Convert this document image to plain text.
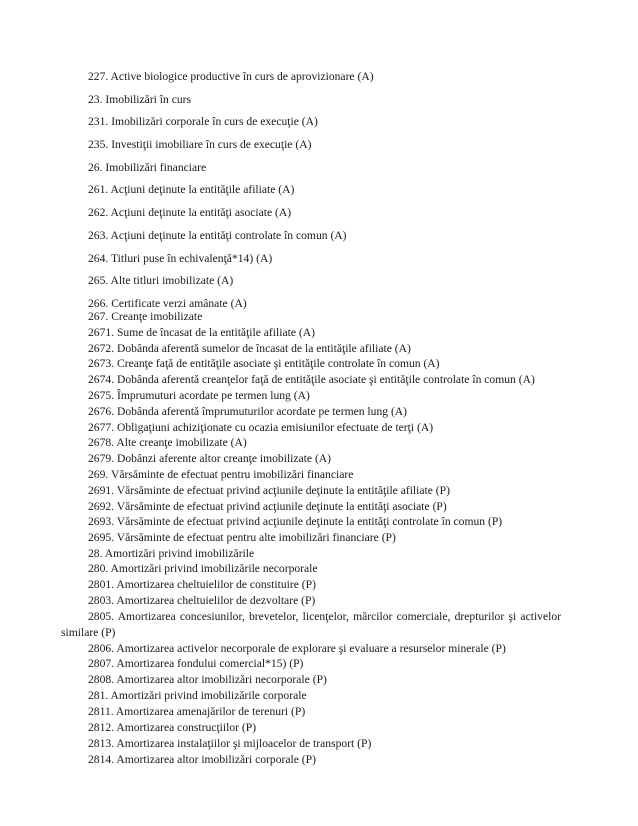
227. Active biologice productive în curs de aprovizionare (A)
23. Imobilizări în curs
231. Imobilizări corporale în curs de execuţie (A)
235. Investiţii imobiliare în curs de execuţie (A)
26. Imobilizări financiare
261. Acţiuni deţinute la entităţile afiliate (A)
262. Acţiuni deţinute la entităţi asociate (A)
263. Acţiuni deţinute la entităţi controlate în comun (A)
264. Titluri puse în echivalenţă*14) (A)
265. Alte titluri imobilizate (A)
266. Certificate verzi amânate (A)
267. Creanţe imobilizate
2671. Sume de încasat de la entităţile afiliate (A)
2672. Dobânda aferentă sumelor de încasat de la entităţile afiliate (A)
2673. Creanţe faţă de entităţile asociate şi entităţile controlate în comun (A)
2674. Dobânda aferentă creanţelor faţă de entităţile asociate şi entităţile controlate în comun (A)
2675. Împrumuturi acordate pe termen lung (A)
2676. Dobânda aferentă împrumuturilor acordate pe termen lung (A)
2677. Obligaţiuni achiziţionate cu ocazia emisiunilor efectuate de terţi (A)
2678. Alte creanţe imobilizate (A)
2679. Dobânzi aferente altor creanţe imobilizate (A)
269. Vărsăminte de efectuat pentru imobilizări financiare
2691. Vărsăminte de efectuat privind acţiunile deţinute la entităţile afiliate (P)
2692. Vărsăminte de efectuat privind acţiunile deţinute la entităţi asociate (P)
2693. Vărsăminte de efectuat privind acţiunile deţinute la entităţi controlate în comun (P)
2695. Vărsăminte de efectuat pentru alte imobilizări financiare (P)
28. Amortizări privind imobilizările
280. Amortizări privind imobilizările necorporale
2801. Amortizarea cheltuielilor de constituire (P)
2803. Amortizarea cheltuielilor de dezvoltare (P)
2805. Amortizarea concesiunilor, brevetelor, licenţelor, mărcilor comerciale, drepturilor şi activelor similare (P)
2806. Amortizarea activelor necorporale de explorare şi evaluare a resurselor minerale (P)
2807. Amortizarea fondului comercial*15) (P)
2808. Amortizarea altor imobilizări necorporale (P)
281. Amortizări privind imobilizările corporale
2811. Amortizarea amenajărilor de terenuri (P)
2812. Amortizarea construcţiilor (P)
2813. Amortizarea instalaţiilor şi mijloacelor de transport (P)
2814. Amortizarea altor imobilizări corporale (P)
